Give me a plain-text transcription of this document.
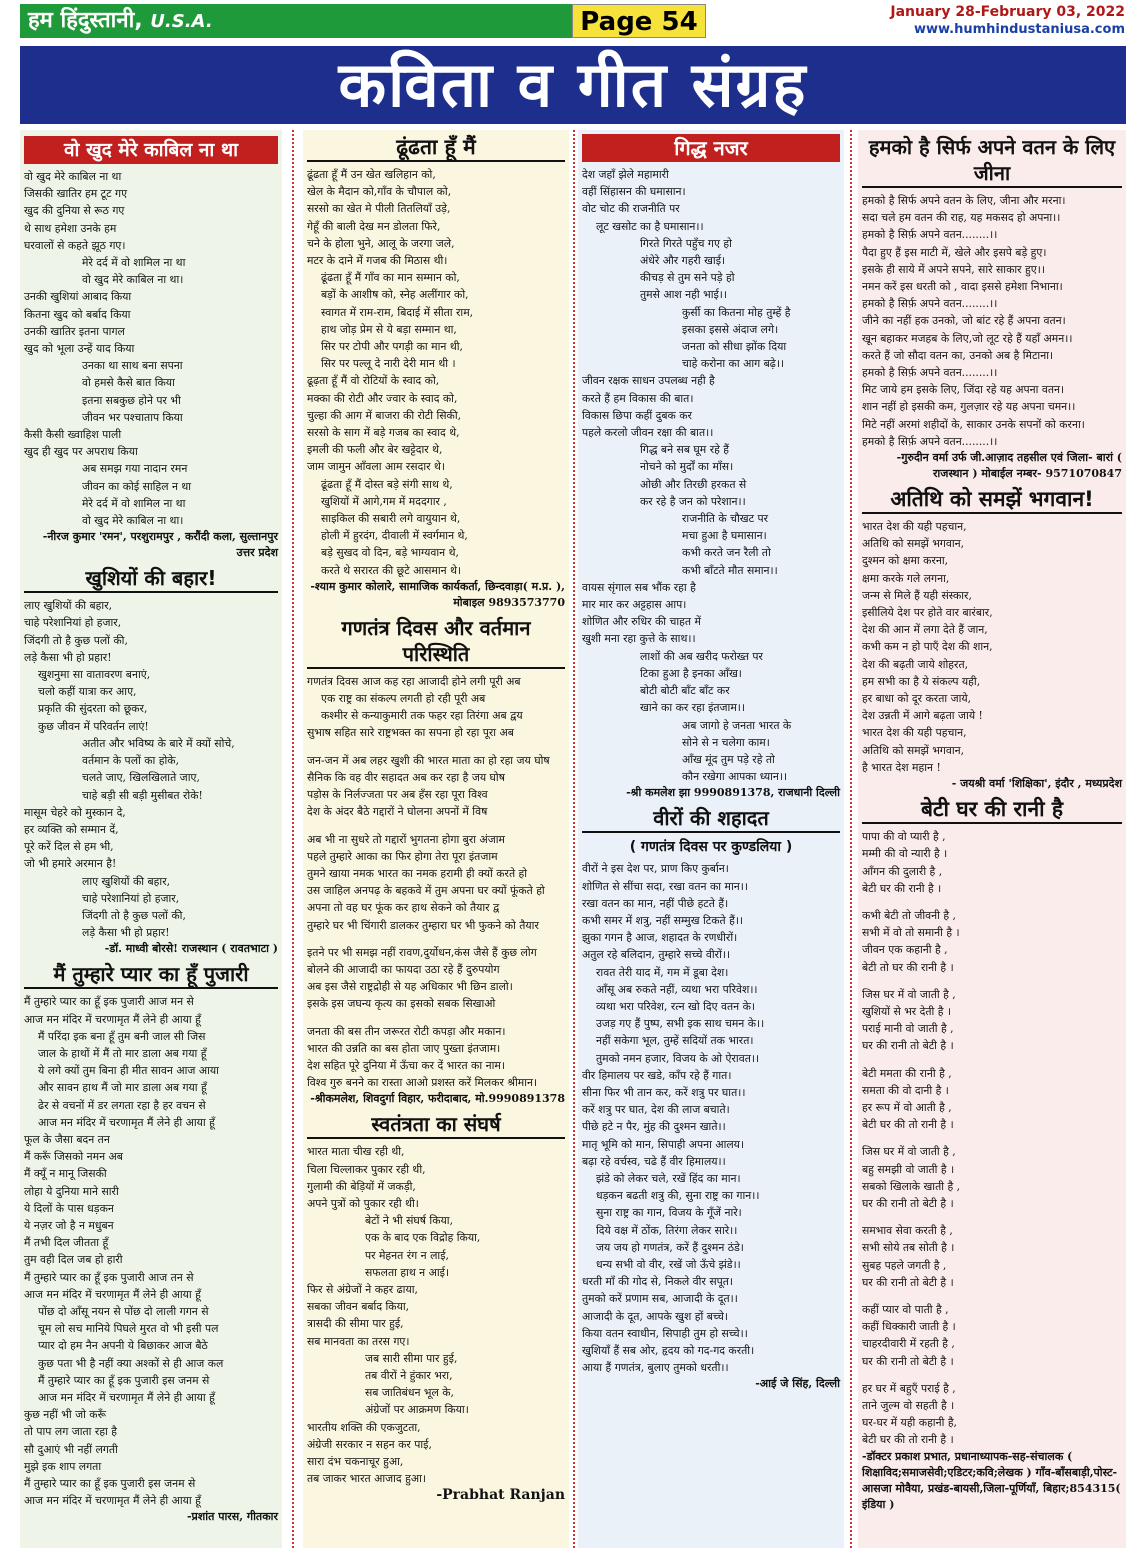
हम हिंदुस्तानी, U.S.A.	Page 54	January 28-February 03, 2022
www.humhindustaniusa.com
कविता व गीत संग्रह
वो खुद मेरे काबिल ना था
वो खुद मेरे काबिल ना था
जिसकी खातिर हम टूट गए
खुद की दुनिया से रूठ गए
थे साथ हमेशा उनके हम
घरवालों से कहते झूठ गए।
मेरे दर्द में वो शामिल ना था
वो खुद मेरे काबिल ना था।
उनकी खुशियां आबाद किया
कितना खुद को बर्बाद किया
उनकी खातिर इतना पागल
खुद को भूला उन्हें याद किया
उनका था साथ बना सपना
वो हमसे कैसे बात किया
इतना सबकुछ होने पर भी
जीवन भर पश्चाताप किया
कैसी कैसी ख्वाहिश पाली
खुद ही खुद पर अपराध किया
अब समझ गया नादान रमन
जीवन का कोई साहिल न था
मेरे दर्द में वो शामिल ना था
वो खुद मेरे काबिल ना था।
-नीरज कुमार 'रमन', परशुरामपुर , करौंदी कला, सुल्तानपुर उत्तर प्रदेश
खुशियों की बहार!
लाए खुशियों की बहार,
चाहे परेशानियां हो हजार,
जिंदगी तो है कुछ पलों की,
लड़े कैसा भी हो प्रहार!
खुशनुमा सा वातावरण बनाएं,
चलो कहीं यात्रा कर आए,
प्रकृति की सुंदरता को छूकर,
कुछ जीवन में परिवर्तन लाएं!
अतीत और भविष्य के बारे में क्यों सोचे,
वर्तमान के पलों का होके,
चलते जाए, खिलखिलाते जाए,
चाहे बड़ी सी बड़ी मुसीबत रोके!
मासूम चेहरे को मुस्कान दे,
हर व्यक्ति को सम्मान दें,
पूरे करें दिल से हम भी,
जो भी हमारे अरमान है!
लाए खुशियों की बहार,
चाहे परेशानियां हो हजार,
जिंदगी तो है कुछ पलों की,
लड़े कैसा भी हो प्रहार!
-डॉ. माध्वी बोरसे! राजस्थान ( रावतभाटा )
मैं तुम्हारे प्यार का हूँ पुजारी
मैं तुम्हारे प्यार का हूँ इक पुजारी आज मन से
आज मन मंदिर में चरणामृत मैं लेने ही आया हूँ
मैं परिंदा इक बना हूँ तुम बनी जाल सी जिस
जाल के हाथों में मैं तो मार डाला अब गया हूँ
ये लगे क्यों तुम बिना ही मीत सावन आज आया
और सावन हाथ मैं जो मार डाला अब गया हूँ
ढेर से वचनों में डर लगता रहा है हर वचन से
आज मन मंदिर में चरणामृत मैं लेने ही आया हूँ
फूल के जैसा बदन तन
मैं करूँ जिसको नमन अब
मैं क्यूँ न मानू जिसकी
लोहा ये दुनिया माने सारी
ये दिलों के पास धड़कन
ये नज़र जो है न मधुबन
मैं तभी दिल जीतता हूँ
तुम वही दिल जब हो हारी
मैं तुम्हारे प्यार का हूँ इक पुजारी आज तन से
आज मन मंदिर में चरणामृत मैं लेने ही आया हूँ
पोंछ दो आँसू नयन से पोंछ दो लाली गगन से
चूम लो सच मानिये पिघले मुरत वो भी इसी पल
प्यार दो हम नैन अपनी ये बिछाकर आज बैठे
कुछ पता भी है नहीं क्या अश्कों से ही आज कल
मैं तुम्हारे प्यार का हूँ इक पुजारी इस जनम से
आज मन मंदिर में चरणामृत मैं लेने ही आया हूँ
कुछ नहीं भी जो करूँ
तो पाप लग जाता रहा है
सौ दुआएं भी नहीं लगती
मुझे इक शाप लगता
मैं तुम्हारे प्यार का हूँ इक पुजारी इस जनम से
आज मन मंदिर में चरणामृत मैं लेने ही आया हूँ
-प्रशांत पारस, गीतकार
ढूंढता हूँ मैं
ढूंढता हूँ मैं उन खेत खलिहान को,
खेल के मैदान को,गाँव के चौपाल को,
सरसो का खेत मे पीली तितलियाँ उड़े,
गेहूँ की बाली देख मन डोलता फिरे,
चने के होला भुने, आलू के जरगा जले,
मटर के दाने में गजब की मिठास थी।
ढूंढता हूँ मैं गाँव का मान सम्मान को,
बड़ों के आशीष को, स्नेह अलींगार को,
स्वागत में राम-राम, बिदाई में सीता राम,
हाथ जोड़ प्रेम से ये बड़ा सम्मान था,
सिर पर टोपी और पगड़ी का मान थी,
सिर पर पल्लू दे नारी देरी मान थी ।
ढूढ़ता हूँ मैं वो रोटियों के स्वाद को,
मक्का की रोटी और ज्वार के स्वाद को,
चुल्हा की आग में बाजरा की रोटी सिकी,
सरसो के साग में बड़े गजब का स्वाद थे,
इमली की फली और बेर खट्टेदार थे,
जाम जामुन आँवला आम रसदार थे।
ढूंढता हूँ मैं दोस्त बड़े संगी साथ थे,
खुशियों में आगे,गम में मददगार ,
साइकिल की सबारी लगे वायुयान थे,
होली में हुरदंग, दीवाली में स्वर्गमान थे,
बड़े सुखद वो दिन, बड़े भाग्यवान थे,
करते थे सरारत की छूटे आसमान थे।
-श्याम कुमार कोलारे, सामाजिक कार्यकर्ता, छिन्दवाड़ा( म.प्र. ), मोबाइल 9893573770
गणतंत्र दिवस और वर्तमान परिस्थिति
गणतंत्र दिवस आज कह रहा आजादी होने लगी पूरी अब
एक राष्ट्र का संकल्प लगती हो रही पूरी अब
कश्मीर से कन्याकुमारी तक फहर रहा तिरंगा अब द्वय
सुभाष सहित सारे राष्ट्रभक्त का सपना हो रहा पूरा अब
जन-जन में अब लहर खुशी की भारत माता का हो रहा जय घोष
सैनिक कि वह वीर सहादत अब कर रहा है जय घोष
पड़ोस के निर्लज्जता पर अब हँस रहा पूरा विश्व
देश के अंदर बैठे गद्दारों ने घोलना अपनों में विष
अब भी ना सुधरे तो गद्दारों भुगतना होगा बुरा अंजाम
पहले तुम्हारे आका का फिर होगा तेरा पूरा इंतजाम
तुमने खाया नमक भारत का नमक हरामी ही क्यों करते हो
उस जाहिल अनपढ़ के बहकवे में तुम अपना घर क्यों फूंकते हो
अपना तो वह घर फूंक कर हाथ सेकने को तैयार द्व
तुम्हारे घर भी चिंगारी डालकर तुम्हारा घर भी फुकने को तैयार
इतने पर भी समझ नहीं रावण,दुर्योधन,कंस जैसे हैं कुछ लोग
बोलने की आजादी का फायदा उठा रहे हैं दुरुपयोग
अब इस जैसे राष्ट्रद्रोही से यह अधिकार भी छिन डालो।
इसके इस जघन्य कृत्य का इसको सबक सिखाओ
जनता की बस तीन जरूरत रोटी कपड़ा और मकान।
भारत की उन्नति का बस होता जाए पुख्ता इंतजाम।
देश सहित पूरे दुनिया में ऊँचा कर दें भारत का नाम।
विश्व गुरु बनने का रास्ता आओ प्रशस्त करें मिलकर श्रीमान।
-श्रीकमलेश, शिवदुर्गा विहार, फरीदाबाद, मो.9990891378
स्वतंत्रता का संघर्ष
भारत माता चीख रही थी,
चिला चिल्लाकर पुकार रही थी,
गुलामी की बेड़ियों में जकड़ी,
अपने पुत्रों को पुकार रही थी।
बेटों ने भी संघर्ष किया,
एक के बाद एक विद्रोह किया,
पर मेहनत रंग न लाई,
सफलता हाथ न आई।
फिर से अंग्रेजों ने कहर ढाया,
सबका जीवन बर्बाद किया,
त्रासदी की सीमा पार हुई,
सब मानवता का तरस गए।
जब सारी सीमा पार हुई,
तब वीरों ने हुंकार भरा,
सब जातिबंधन भूल के,
अंग्रेजों पर आक्रमण किया।
भारतीय शक्ति की एकजुटता,
अंग्रेजी सरकार न सहन कर पाई,
सारा दंभ चकनाचूर हुआ,
तब जाकर भारत आजाद हुआ।
-Prabhat Ranjan
गिद्ध नजर
देश जहाँ झेले महामारी
वहीं सिंहासन की घमासान।
वोट चोट की राजनीति पर
लूट खसोट का है घमासान।।
गिरते गिरते पहुँच गए हो
अंधेरे और गहरी खाई।
कीचड़ से तुम सने पड़े हो
तुमसे आश नही भाई।।
कुर्सी का कितना मोह तुम्हें है
इसका इससे अंदाज लगे।
जनता को सीधा झोंक दिया
चाहे करोना का आग बढ़े।।
जीवन रक्षक साधन उपलब्ध नही है
करते हैं हम विकास की बात।
विकास छिपा कहीं दुबक कर
पहले करलो जीवन रक्षा की बात।।
गिद्ध बने सब घूम रहे हैं
नोचने को मुर्दों का माँस।
ओछी और तिरछी हरकत से
कर रहे है जन को परेशान।।
राजनीति के चौखट पर
मचा हुआ है घमासान।
कभी करते जन रैली तो
कभी बाँटते मौत समान।।
वायस सृंगाल सब भौंक रहा है
मार मार कर अट्टहास आप।
शोणित और रुधिर की चाहत में
खुशी मना रहा कुत्ते के साथ।।
लाशों की अब खरीद फरोख्त पर
टिका हुआ है इनका आँख।
बोटी बोटी बाँट बाँट कर
खाने का कर रहा इंतजाम।।
अब जागो हे जनता भारत के
सोने से न चलेगा काम।
आँख मूंद तुम पड़े रहे तो
कौन रखेगा आपका ध्यान।।
-श्री कमलेश झा 9990891378, राजधानी दिल्ली
वीरों की शहादत
( गणतंत्र दिवस पर कुण्डलिया )
वीरों ने इस देश पर, प्राण किए कुर्बान।
शोणित से सींचा सदा, रखा वतन का मान।।
रखा वतन का मान, नहीं पीछे हटते हैं।
कभी समर में शत्रु, नहीं सम्मुख टिकते हैं।।
झुका गगन है आज, शहादत के रणधीरों।
अतुल रहे बलिदान, तुम्हारे सच्चे वीरों।।
रावत तेरी याद में, गम में डूबा देश।
आँसू अब रुकते नहीं, व्यथा भरा परिवेश।।
व्यथा भरा परिवेश, रत्न खो दिए वतन के।
उजड़ गए हैं पुष्प, सभी इक साथ चमन के।।
नहीं सकेगा भूल, तुम्हें सदियों तक भारत।
तुमको नमन हजार, विजय के ओ ऐरावत।।
वीर हिमालय पर खडे, काँप रहे हैं गात।
सीना फिर भी तान कर, करें शत्रु पर घात।।
करें शत्रु पर घात, देश की लाज बचाते।
पीछे हटे न पैर, मुंह की दुश्मन खाते।।
मातृ भूमि को मान, सिपाही अपना आलय।
बढ़ा रहे वर्चस्व, चढे हैं वीर हिमालय।।
झंडे को लेकर चले, रखें हिंद का मान।
धड़कन बढती शत्रु की, सुना राष्ट्र का गान।।
सुना राष्ट्र का गान, विजय के गूँजें नारे।
दिये वक्ष में ठोंक, तिरंगा लेकर सारे।।
जय जय हो गणतंत्र, करें हैं दुश्मन ठंडे।
धन्य सभी वो वीर, रखें जो ऊँचे झंडे।।
धरती माँ की गोद से, निकले वीर सपूत।
तुमको करें प्रणाम सब, आजादी के दूत।।
आजादी के दूत, आपके खुश हों बच्चे।
किया वतन स्वाधीन, सिपाही तुम हो सच्चे।।
खुशियाँ हैं सब ओर, हृदय को गद-गद करती।
आया हैं गणतंत्र, बुलाए तुमको धरती।।
-आई जे सिंह, दिल्ली
हमको है सिर्फ अपने वतन के लिए जीना
हमको है सिर्फ अपने वतन के लिए, जीना और मरना।
सदा चले हम वतन की राह, यह मकसद हो अपना।।
हमको है सिर्फ़ अपने वतन........।।
पैदा हुए हैं इस माटी में, खेले और इसपे बड़े हुए।
इसके ही साये में अपने सपने, सारे साकार हुए।।
नमन करें इस धरती को , वादा इससे हमेशा निभाना।
हमको है सिर्फ़ अपने वतन........।।
जीने का नहीं हक उनको, जो बांट रहे हैं अपना वतन।
खून बहाकर मजहब के लिए,जो लूट रहे हैं यहाँ अमन।।
करते हैं जो सौदा वतन का, उनको अब है मिटाना।
हमको है सिर्फ़ अपने वतन........।।
मिट जाये हम इसके लिए, जिंदा रहे यह अपना वतन।
शान नहीं हो इसकी कम, गुलज़ार रहे यह अपना चमन।।
मिटे नहीं अरमां शहीदों के, साकार उनके सपनों को करना।
हमको है सिर्फ़ अपने वतन........।।
-गुरुदीन वर्मा उर्फ जी.आज़ाद तहसील एवं जिला- बारां ( राजस्थान ) मोबाईल नम्बर- 9571070847
अतिथि को समझें भगवान!
भारत देश की यही पहचान,
अतिथि को समझें भगवान,
दुश्मन को क्षमा करना,
क्षमा करके गले लगना,
जन्म से मिले हैं यही संस्कार,
इसीलिये देश पर होते वार बारंबार,
देश की आन में लगा देते हैं जान,
कभी कम न हो पाएँ देश की शान,
देश की बढ़ती जाये शोहरत,
हम सभी का है ये संकल्प यही,
हर बाधा को दूर करता जाये,
देश उन्नती में आगे बढ़ता जाये !
भारत देश की यही पहचान,
अतिथि को समझें भगवान,
है भारत देश महान !
- जयश्री वर्मा 'शिक्षिका', इंदौर , मध्यप्रदेश
बेटी घर की रानी है
पापा की वो प्यारी है ,
मम्मी की वो न्यारी है ।
आँगन की दुलारी है ,
बेटी घर की रानी है ।
कभी बेटी तो जीवनी है ,
सभी में वो तो समानी है ।
जीवन एक कहानी है ,
बेटी तो घर की रानी है ।
जिस घर में वो जाती है ,
खुशियों से भर देती है ।
पराई मानी वो जाती है ,
घर की रानी तो बेटी है ।
बेटी ममता की रानी है ,
समता की वो दानी है ।
हर रूप में वो आती है ,
बेटी घर की तो रानी है ।
जिस घर में वो जाती है ,
बहु समझी वो जाती है ।
सबको खिलाके खाती है ,
घर की रानी तो बेटी है ।
समभाव सेवा करती है ,
सभी सोये तब सोती है ।
सुबह पहले जगती है ,
घर की रानी तो बेटी है ।
कहीं प्यार वो पाती है ,
कहीं धिक्कारी जाती है ।
चाहरदीवारी में रहती है ,
घर की रानी तो बेटी है ।
हर घर में बहुएँ पराई है ,
ताने जुल्म वो सहती है ।
घर-घर में यही कहानी है,
बेटी घर की तो रानी है ।
-डॉक्टर प्रकाश प्रभात, प्रधानाध्यापक-सह-संचालक ( शिक्षाविद;समाजसेवी;एडिटर;कवि;लेखक ) गाँव-बाँसबाड़ी,पोस्ट-आसजा मोवैया, प्रखंड-बायसी,जिला-पूर्णियाँ, बिहार;854315( इंडिया )
